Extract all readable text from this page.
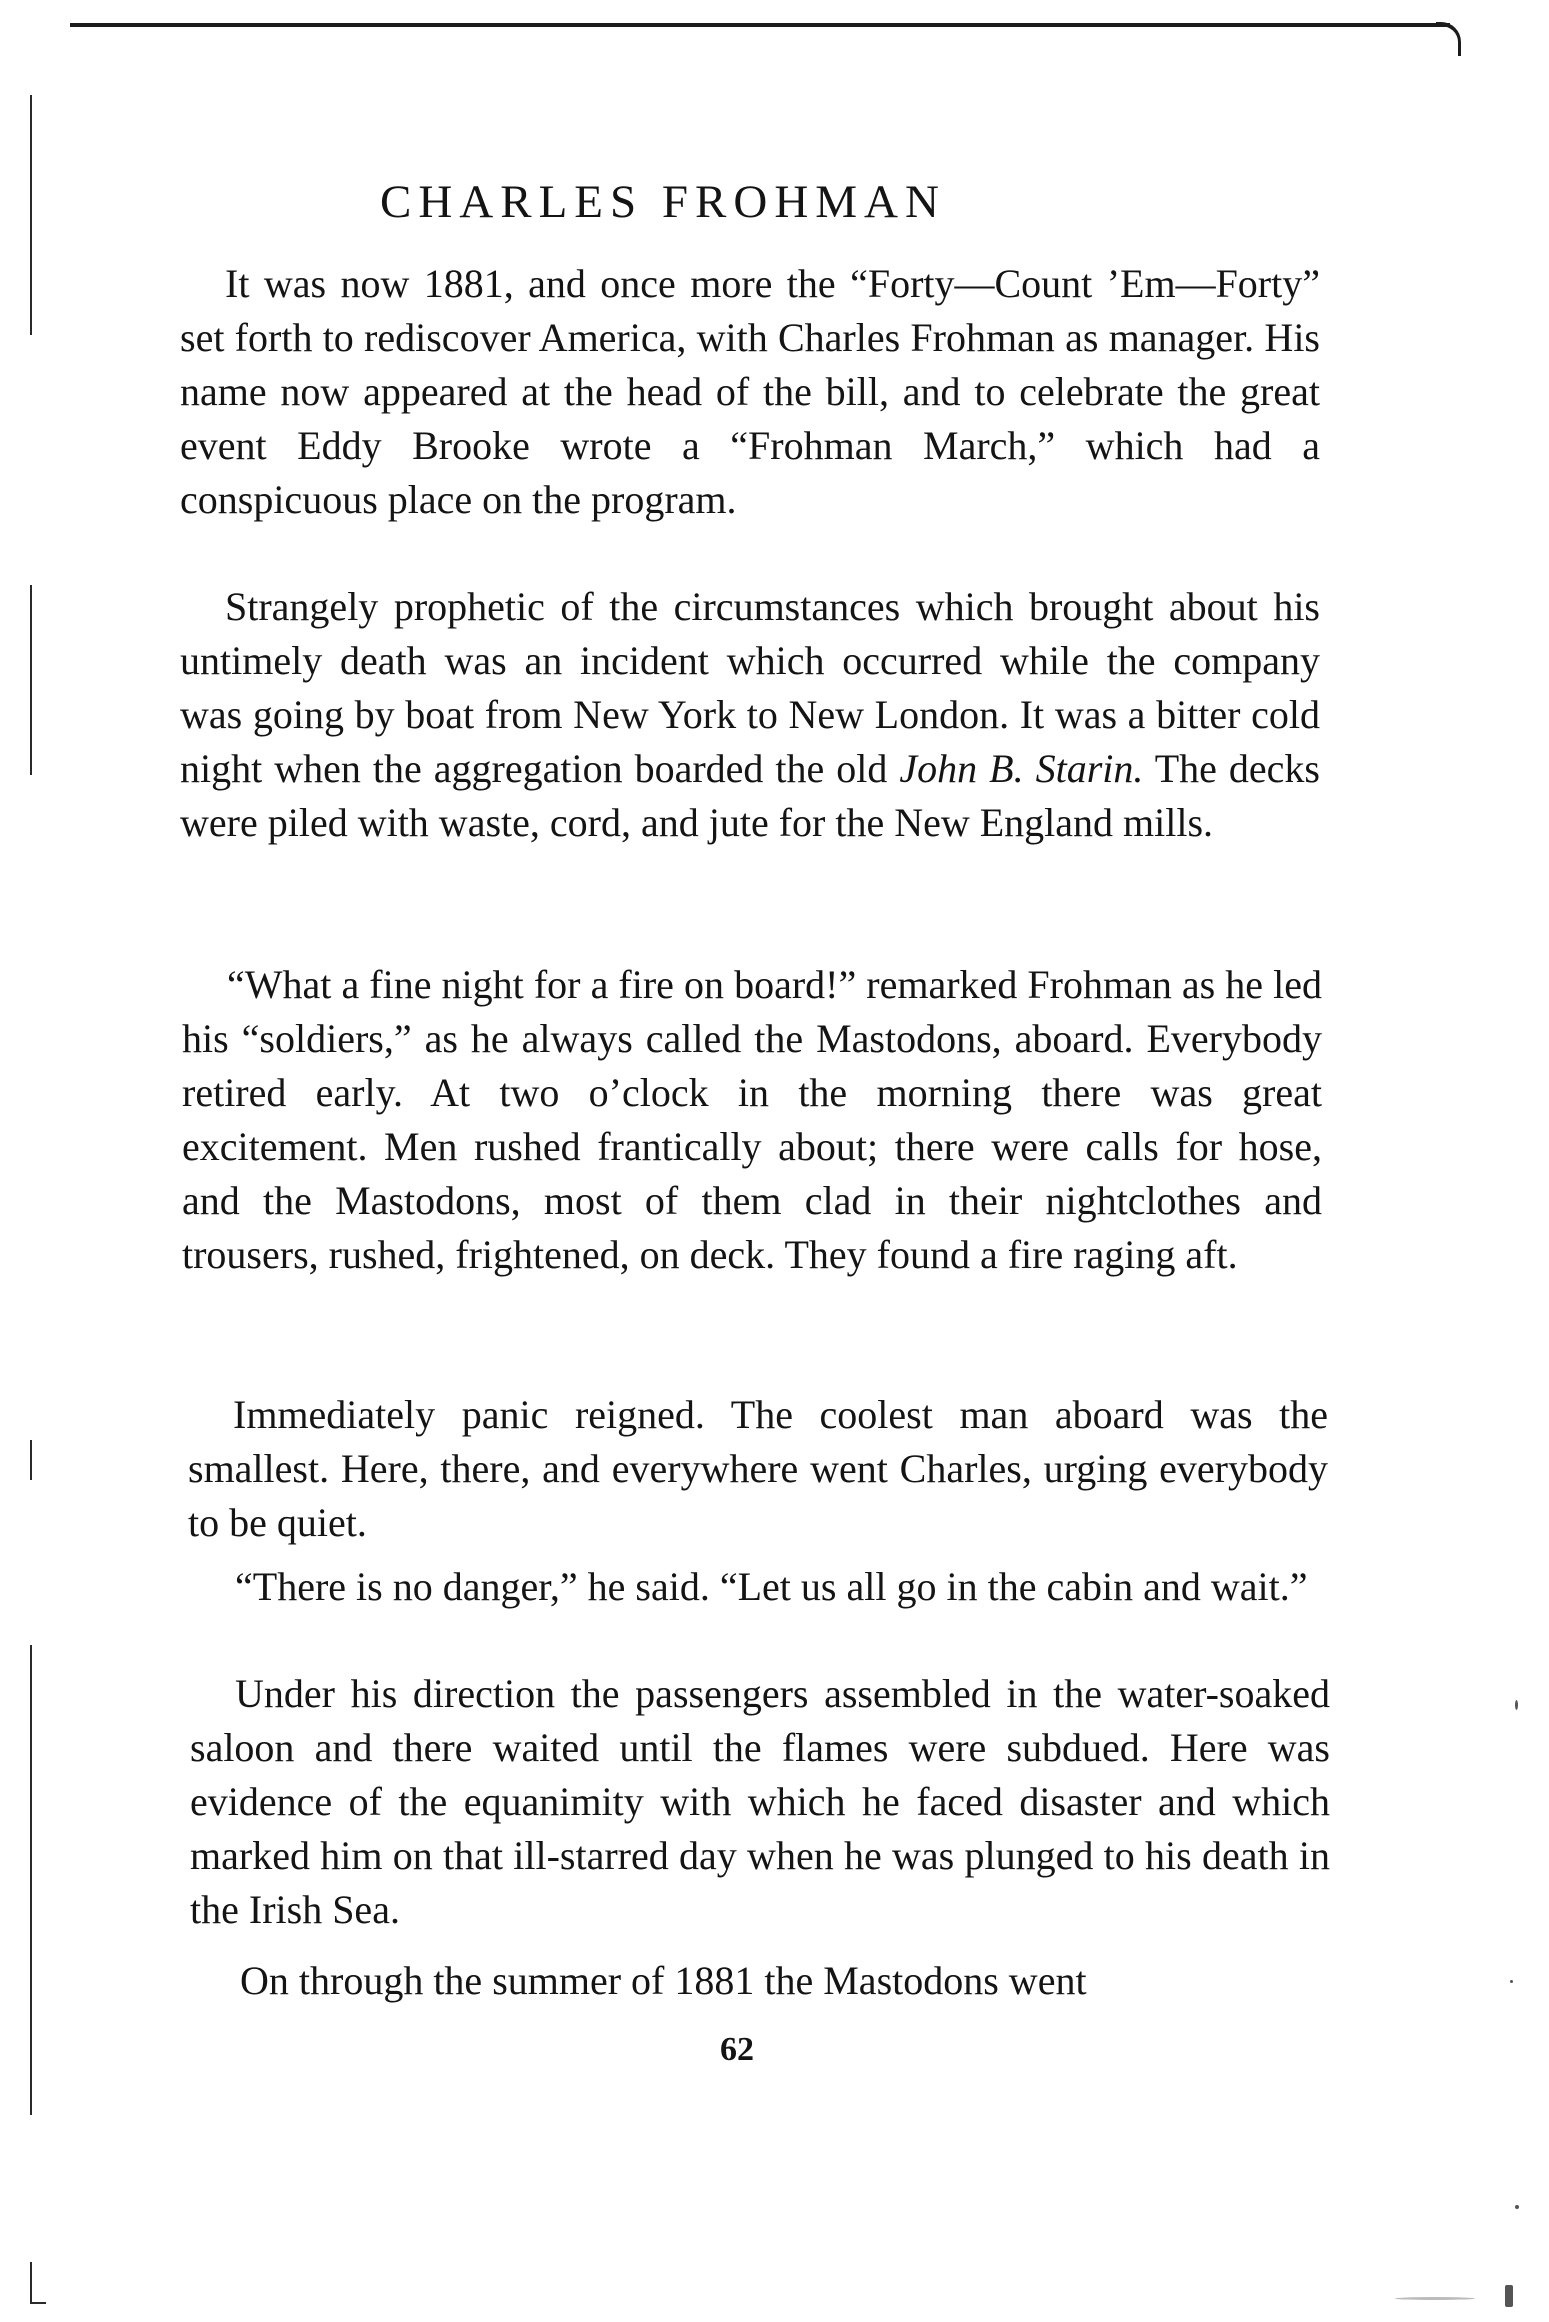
CHARLES FROHMAN

It was now 1881, and once more the “Forty—Count ’Em—Forty” set forth to rediscover America, with Charles Frohman as manager. His name now appeared at the head of the bill, and to celebrate the great event Eddy Brooke wrote a “Frohman March,” which had a conspicuous place on the program.

Strangely prophetic of the circumstances which brought about his untimely death was an incident which occurred while the company was going by boat from New York to New London. It was a bitter cold night when the aggregation boarded the old John B. Starin. The decks were piled with waste, cord, and jute for the New England mills.

“What a fine night for a fire on board!” remarked Frohman as he led his “soldiers,” as he always called the Mastodons, aboard. Everybody retired early. At two o’clock in the morning there was great excitement. Men rushed frantically about; there were calls for hose, and the Mastodons, most of them clad in their nightclothes and trousers, rushed, frightened, on deck. They found a fire raging aft.

Immediately panic reigned. The coolest man aboard was the smallest. Here, there, and everywhere went Charles, urging everybody to be quiet.

“There is no danger,” he said. “Let us all go in the cabin and wait.”

Under his direction the passengers assembled in the water-soaked saloon and there waited until the flames were subdued. Here was evidence of the equanimity with which he faced disaster and which marked him on that ill-starred day when he was plunged to his death in the Irish Sea.

On through the summer of 1881 the Mastodons went

62
